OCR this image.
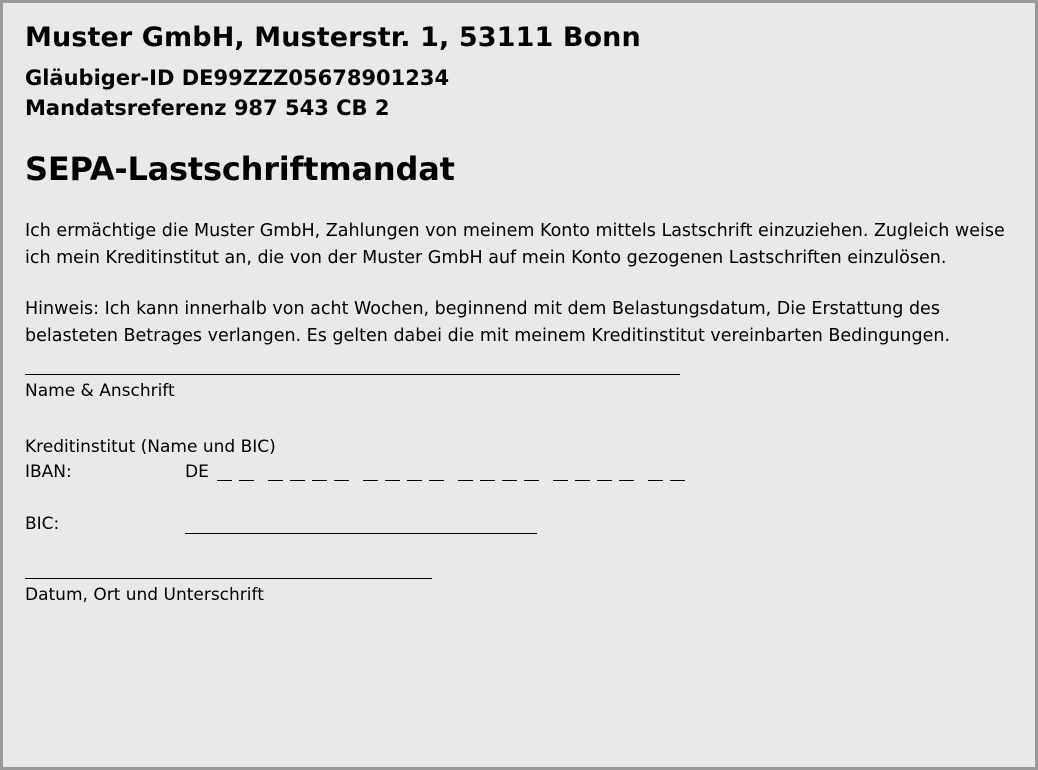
Muster GmbH, Musterstr. 1, 53111 Bonn
Gläubiger-ID DE99ZZZ05678901234
Mandatsreferenz 987 543 CB 2
SEPA-Lastschriftmandat

Ich ermächtige die Muster GmbH, Zahlungen von meinem Konto mittels Lastschrift einzuziehen. Zugleich weise ich mein Kreditinstitut an, die von der Muster GmbH auf mein Konto gezogenen Lastschriften einzulösen.

Hinweis: Ich kann innerhalb von acht Wochen, beginnend mit dem Belastungsdatum, Die Erstattung des belasteten Betrages verlangen. Es gelten dabei die mit meinem Kreditinstitut vereinbarten Bedingungen.

Name & Anschrift
Kreditinstitut (Name und BIC)
IBAN:	DE
BIC:
Datum, Ort und Unterschrift
